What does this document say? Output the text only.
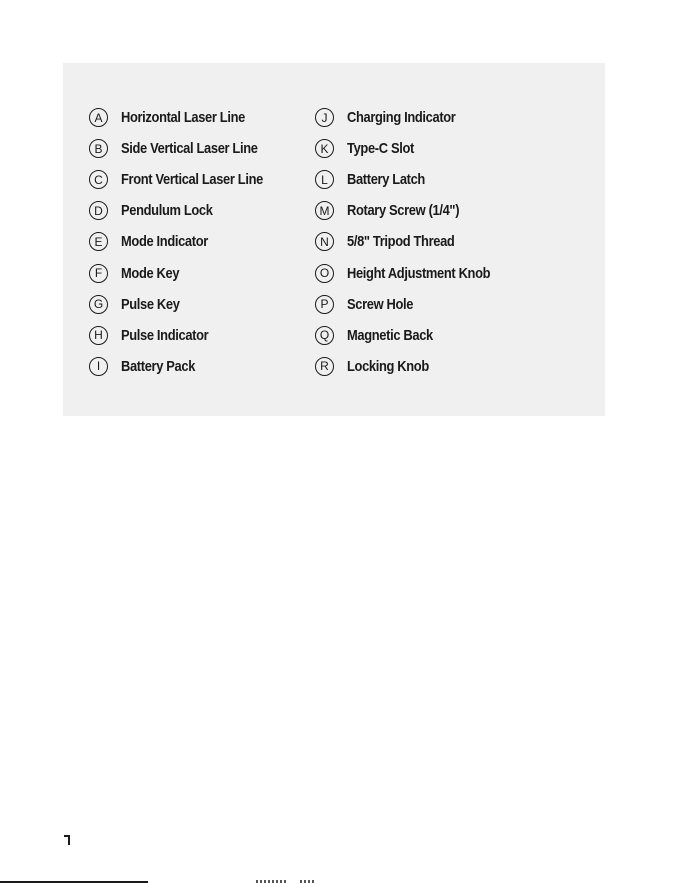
A	Horizontal Laser Line
B	Side Vertical Laser Line
C	Front Vertical Laser Line
D	Pendulum Lock
E	Mode Indicator
F	Mode Key
G	Pulse Key
H	Pulse Indicator
I	Battery Pack
J	Charging Indicator
K	Type-C Slot
L	Battery Latch
M	Rotary Screw (1/4")
N	5/8" Tripod Thread
O	Height Adjustment Knob
P	Screw Hole
Q	Magnetic Back
R	Locking Knob
